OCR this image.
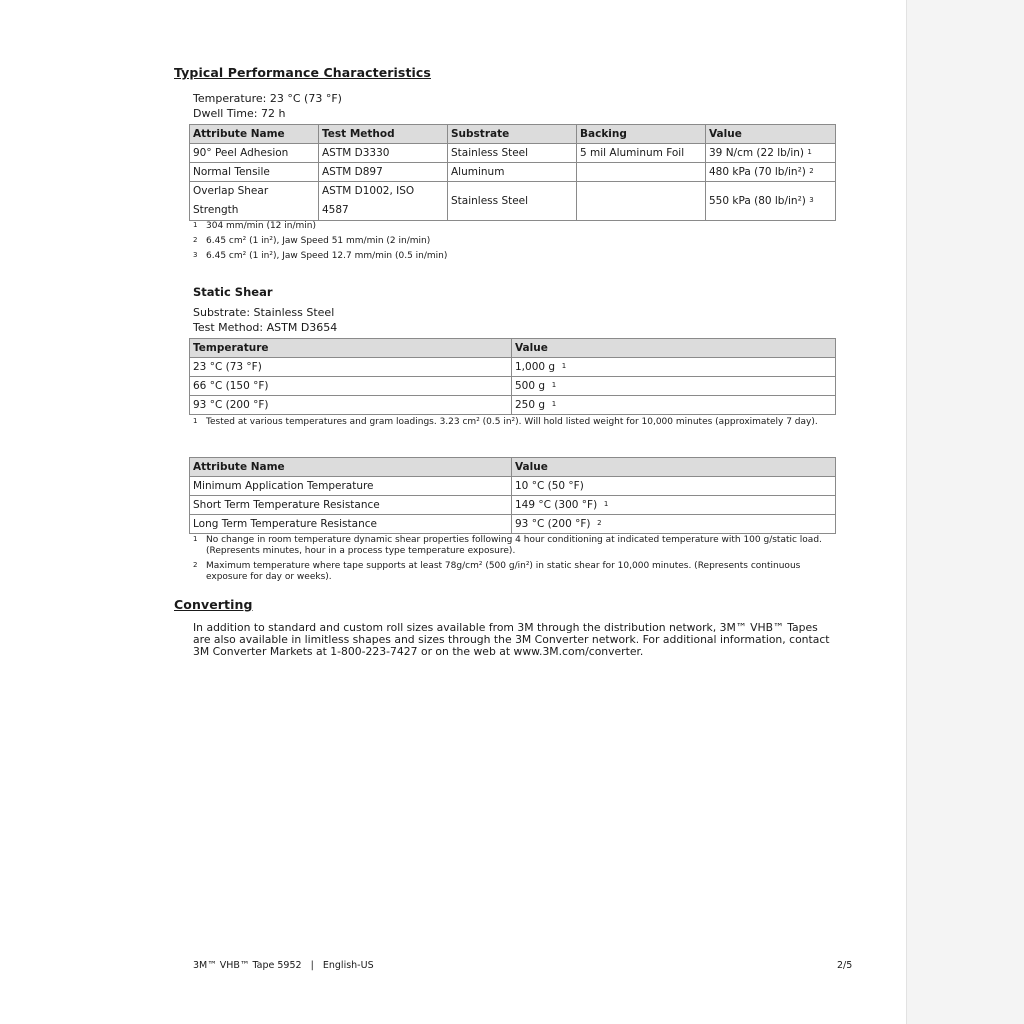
Typical Performance Characteristics
Temperature: 23 °C (73 °F)
Dwell Time: 72 h
Attribute Name	Test Method	Substrate	Backing	Value
90° Peel Adhesion	ASTM D3330	Stainless Steel	5 mil Aluminum Foil	39 N/cm (22 lb/in) $^1$
Normal Tensile	ASTM D897	Aluminum		480 kPa (70 lb/in²) $^2$
Overlap Shear Strength	ASTM D1002, ISO 4587	Stainless Steel		550 kPa (80 lb/in²) $^3$
1 304 mm/min (12 in/min)
2 6.45 cm² (1 in²), Jaw Speed 51 mm/min (2 in/min)
3 6.45 cm² (1 in²), Jaw Speed 12.7 mm/min (0.5 in/min)
Static Shear
Substrate: Stainless Steel
Test Method: ASTM D3654
Temperature	Value
23 °C (73 °F)	1,000 g $^1$
66 °C (150 °F)	500 g $^1$
93 °C (200 °F)	250 g $^1$
1 Tested at various temperatures and gram loadings. 3.23 cm² (0.5 in²). Will hold listed weight for 10,000 minutes (approximately 7 day).
Attribute Name	Value
Minimum Application Temperature	10 °C (50 °F)
Short Term Temperature Resistance	149 °C (300 °F) $^1$
Long Term Temperature Resistance	93 °C (200 °F) $^2$
1 No change in room temperature dynamic shear properties following 4 hour conditioning at indicated temperature with 100 g/static load. (Represents minutes, hour in a process type temperature exposure).
2 Maximum temperature where tape supports at least 78g/cm² (500 g/in²) in static shear for 10,000 minutes. (Represents continuous exposure for day or weeks).
Converting
In addition to standard and custom roll sizes available from 3M through the distribution network, 3M™ VHB™ Tapes are also available in limitless shapes and sizes through the 3M Converter network. For additional information, contact 3M Converter Markets at 1-800-223-7427 or on the web at www.3M.com/converter.
3M™ VHB™ Tape 5952   |   English-US	2/5
